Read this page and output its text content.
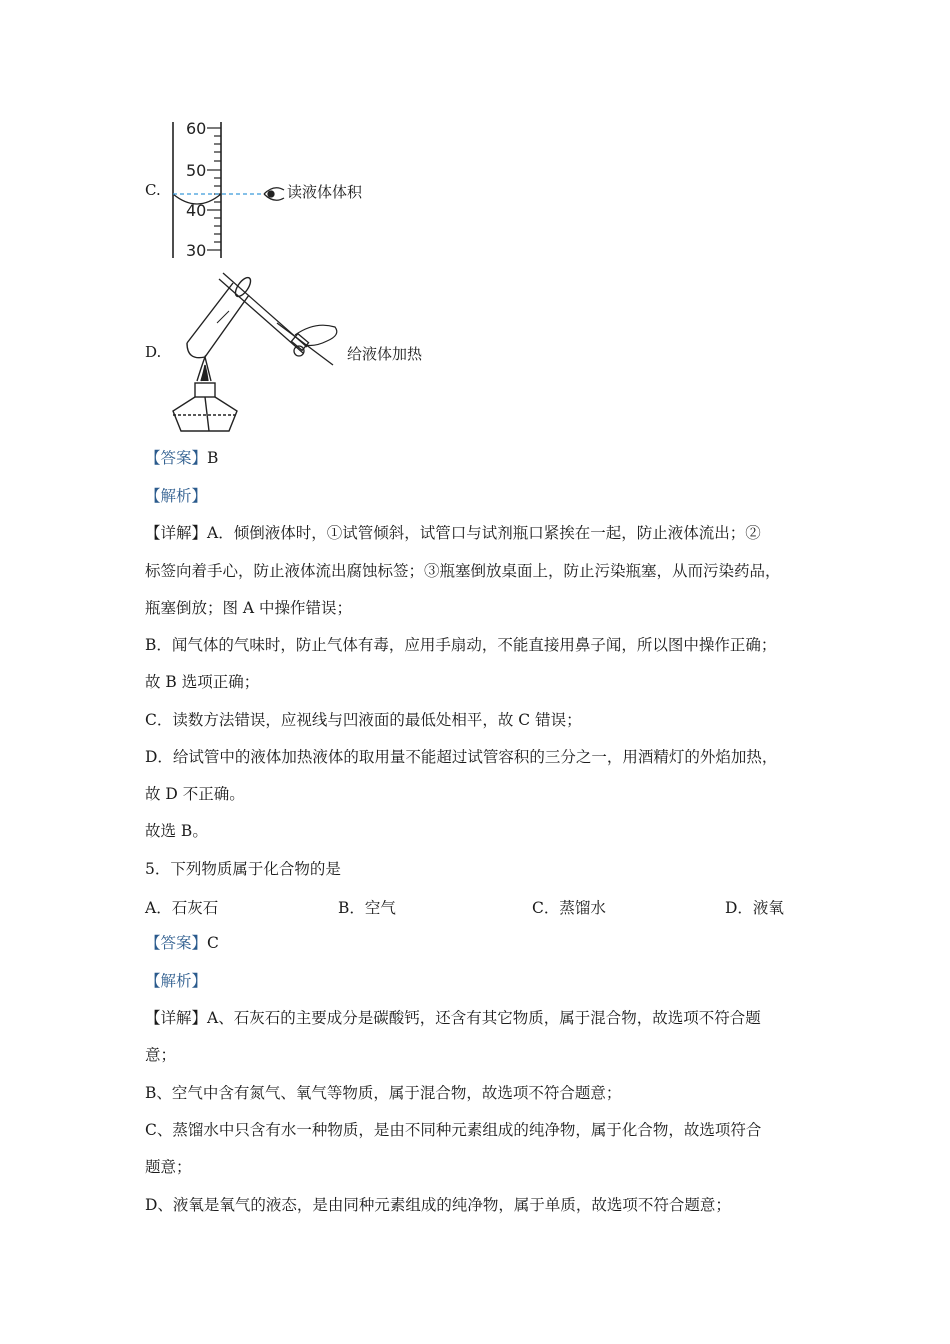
C.
60
50
40
30
读液体体积
D.	给液体加热
【答案】B
【解析】
【详解】A．倾倒液体时，①试管倾斜，试管口与试剂瓶口紧挨在一起，防止液体流出；②
标签向着手心，防止液体流出腐蚀标签；③瓶塞倒放桌面上，防止污染瓶塞，从而污染药品，
瓶塞倒放；图 A 中操作错误；
B．闻气体的气味时，防止气体有毒，应用手扇动，不能直接用鼻子闻，所以图中操作正确；
故 B 选项正确；
C．读数方法错误，应视线与凹液面的最低处相平，故 C 错误；
D．给试管中的液体加热液体的取用量不能超过试管容积的三分之一，用酒精灯的外焰加热，
故 D 不正确。
故选 B。
5．下列物质属于化合物的是
A．石灰石	B．空气	C．蒸馏水	D．液氧
【答案】C
【解析】
【详解】A、石灰石的主要成分是碳酸钙，还含有其它物质，属于混合物，故选项不符合题
意；
B、空气中含有氮气、氧气等物质，属于混合物，故选项不符合题意；
C、蒸馏水中只含有水一种物质，是由不同种元素组成的纯净物，属于化合物，故选项符合
题意；
D、液氧是氧气的液态，是由同种元素组成的纯净物，属于单质，故选项不符合题意；
